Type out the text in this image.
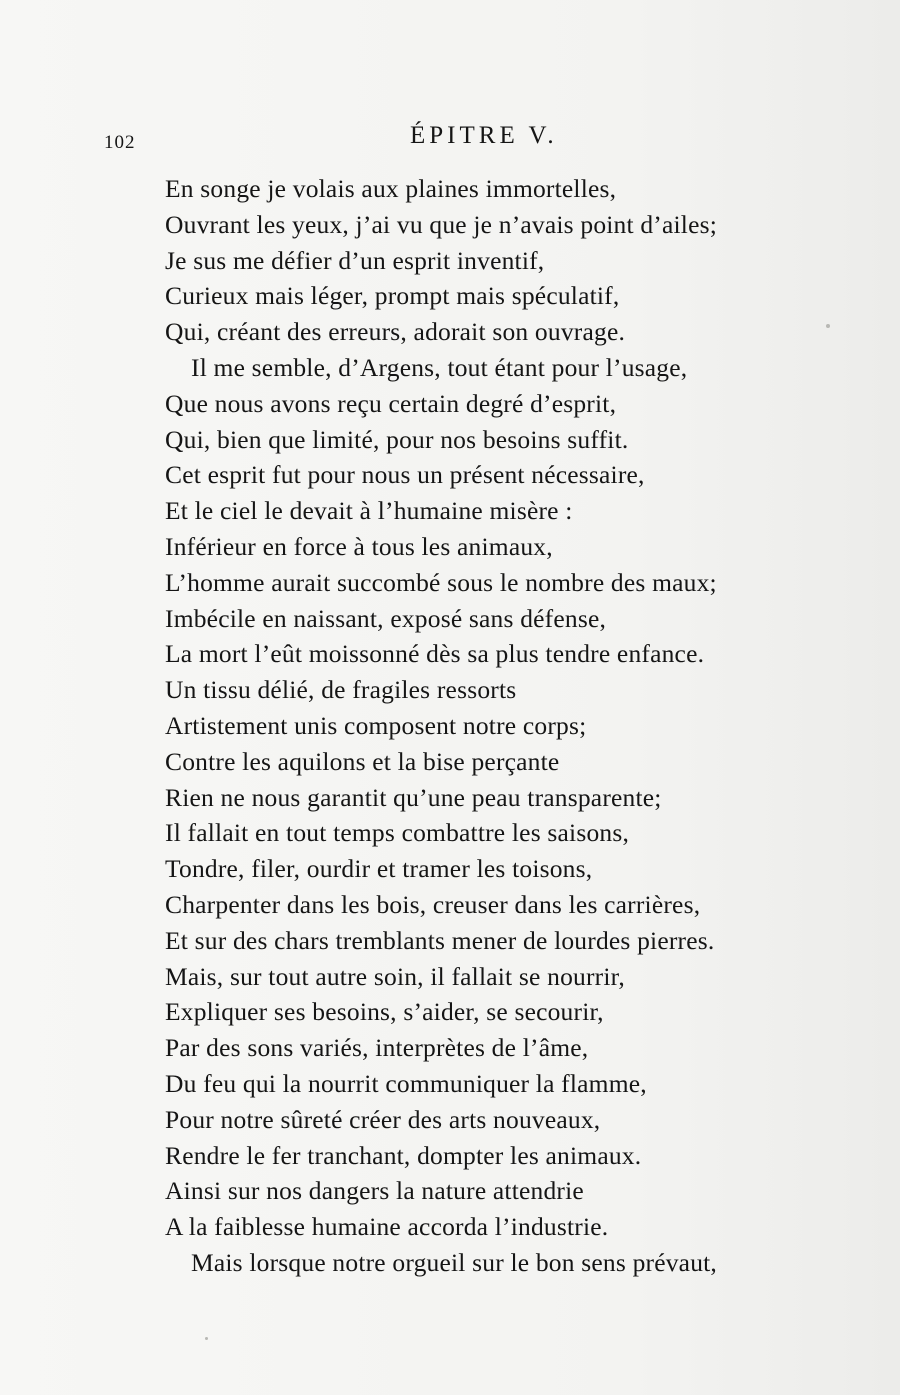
102	ÉPITRE V.
En songe je volais aux plaines immortelles,
Ouvrant les yeux, j’ai vu que je n’avais point d’ailes;
Je sus me défier d’un esprit inventif,
Curieux mais léger, prompt mais spéculatif,
Qui, créant des erreurs, adorait son ouvrage.
Il me semble, d’Argens, tout étant pour l’usage,
Que nous avons reçu certain degré d’esprit,
Qui, bien que limité, pour nos besoins suffit.
Cet esprit fut pour nous un présent nécessaire,
Et le ciel le devait à l’humaine misère :
Inférieur en force à tous les animaux,
L’homme aurait succombé sous le nombre des maux;
Imbécile en naissant, exposé sans défense,
La mort l’eût moissonné dès sa plus tendre enfance.
Un tissu délié, de fragiles ressorts
Artistement unis composent notre corps;
Contre les aquilons et la bise perçante
Rien ne nous garantit qu’une peau transparente;
Il fallait en tout temps combattre les saisons,
Tondre, filer, ourdir et tramer les toisons,
Charpenter dans les bois, creuser dans les carrières,
Et sur des chars tremblants mener de lourdes pierres.
Mais, sur tout autre soin, il fallait se nourrir,
Expliquer ses besoins, s’aider, se secourir,
Par des sons variés, interprètes de l’âme,
Du feu qui la nourrit communiquer la flamme,
Pour notre sûreté créer des arts nouveaux,
Rendre le fer tranchant, dompter les animaux.
Ainsi sur nos dangers la nature attendrie
A la faiblesse humaine accorda l’industrie.
Mais lorsque notre orgueil sur le bon sens prévaut,
